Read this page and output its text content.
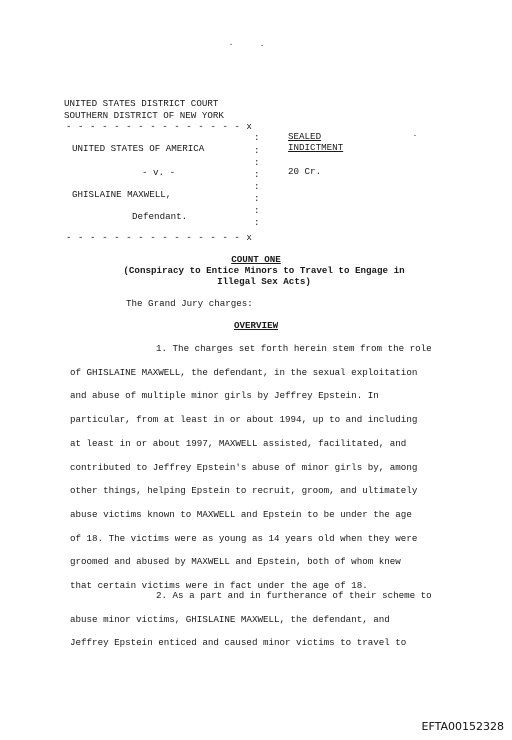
UNITED STATES DISTRICT COURT
SOUTHERN DISTRICT OF NEW YORK
- - - - - - - - - - - - - - - x
- - - - - - - - - - - - - - - x
:
:
:
:
:
:
:
:
UNITED STATES OF AMERICA
- v. -
GHISLAINE MAXWELL,
Defendant.
SEALED
INDICTMENT
20 Cr.
COUNT ONE
(Conspiracy to Entice Minors to Travel to Engage in
Illegal Sex Acts)
The Grand Jury charges:
OVERVIEW
1. The charges set forth herein stem from the role
of GHISLAINE MAXWELL, the defendant, in the sexual exploitation
and abuse of multiple minor girls by Jeffrey Epstein. In
particular, from at least in or about 1994, up to and including
at least in or about 1997, MAXWELL assisted, facilitated, and
contributed to Jeffrey Epstein's abuse of minor girls by, among
other things, helping Epstein to recruit, groom, and ultimately
abuse victims known to MAXWELL and Epstein to be under the age
of 18. The victims were as young as 14 years old when they were
groomed and abused by MAXWELL and Epstein, both of whom knew
that certain victims were in fact under the age of 18.
2. As a part and in furtherance of their scheme to
abuse minor victims, GHISLAINE MAXWELL, the defendant, and
Jeffrey Epstein enticed and caused minor victims to travel to
EFTA00152328
